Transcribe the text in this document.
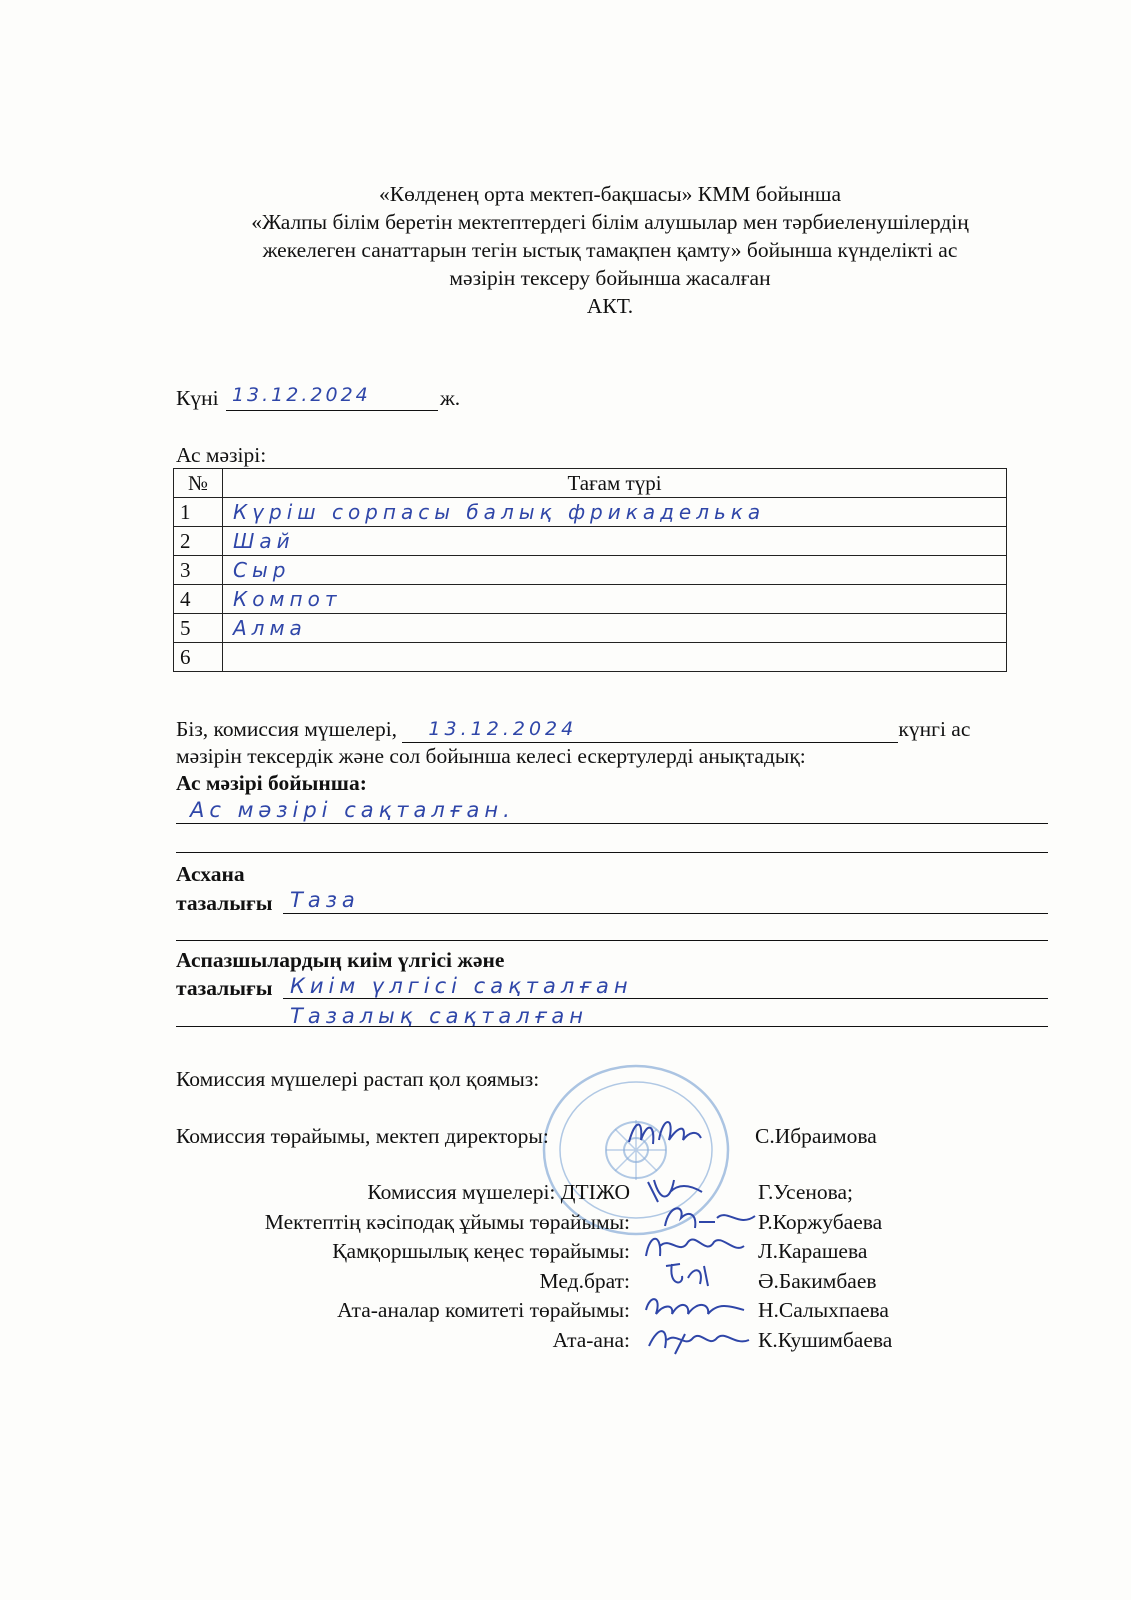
«Көлденең орта мектеп-бақшасы» КММ бойынша
«Жалпы білім беретін мектептердегі білім алушылар мен тәрбиеленушілердің
жекелеген санаттарын тегін ыстық тамақпен қамту» бойынша күнделікті ас
мәзірін тексеру бойынша жасалған
АКТ.
Күні 13.12.2024	ж.
Ас мәзірі:
№	Тағам түрі
1	Күріш сорпасы балық фрикаделька

2	Шай

3	Сыр

4	Компот

5	Алма

6	
Біз, комиссия мүшелері, 13.12.2024	күнгі ас
мәзірін тексердік және сол бойынша келесі ескертулерді анықтадық:
Ас мәзірі бойынша:
Ас мәзірі сақталған.
Асхана
тазалығы Таза
Аспазшылардың киім үлгісі және
тазалығы Киім үлгісі сақталған
Тазалық сақталған
Комиссия мүшелері растап қол қоямыз:
Комиссия төрайымы, мектеп директоры:	С.Ибраимова
Комиссия мүшелері: ДТІЖО	Г.Усенова;
Мектептің кәсіподақ ұйымы төрайымы:	Р.Коржубаева
Қамқоршылық кеңес төрайымы:	Л.Карашева
Мед.брат:	Ә.Бакимбаев
Ата-аналар комитеті төрайымы:	Н.Салыхпаева
Ата-ана:	К.Кушимбаева
